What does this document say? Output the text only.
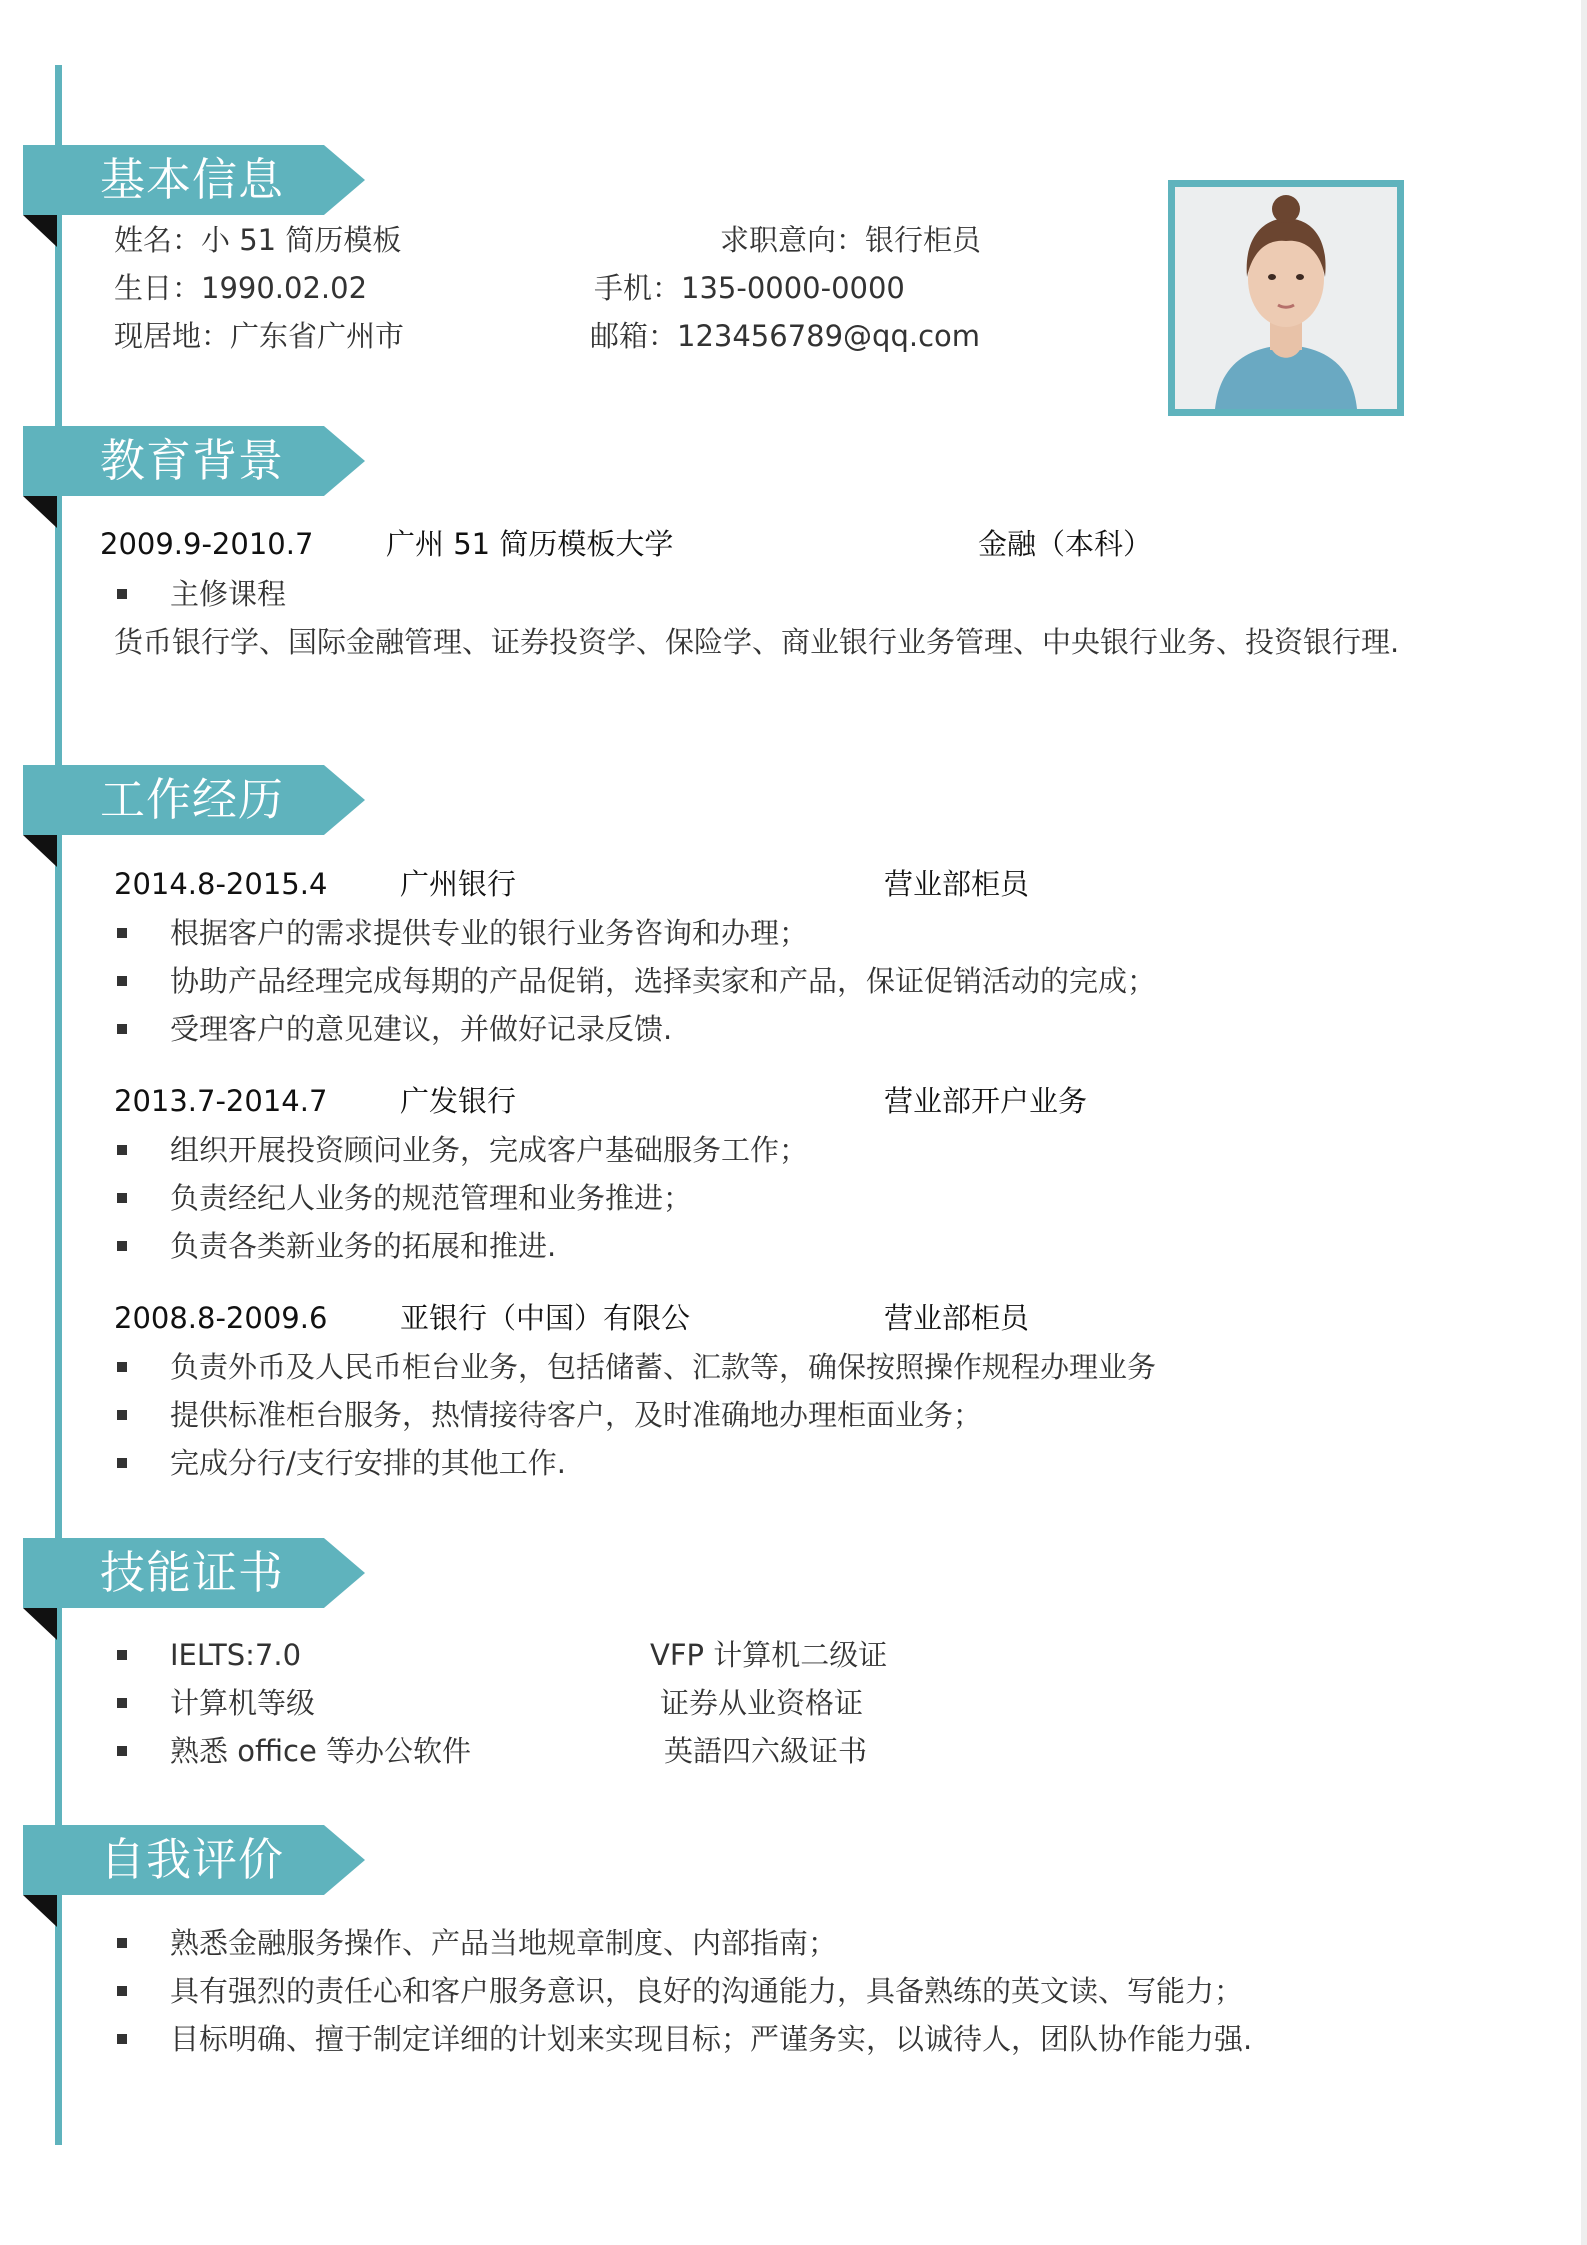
基本信息
姓名：小 51 简历模板	求职意向：银行柜员
生日：1990.02.02	手机：135-0000-0000
现居地：广东省广州市	邮箱：123456789@qq.com
教育背景
2009.9-2010.7	广州 51 简历模板大学	金融（本科）
主修课程
货币银行学、国际金融管理、证券投资学、保险学、商业银行业务管理、中央银行业务、投资银行理.
工作经历
2014.8-2015.4	广州银行	营业部柜员
根据客户的需求提供专业的银行业务咨询和办理；
协助产品经理完成每期的产品促销，选择卖家和产品，保证促销活动的完成；
受理客户的意见建议，并做好记录反馈.
2013.7-2014.7	广发银行	营业部开户业务
组织开展投资顾问业务，完成客户基础服务工作；
负责经纪人业务的规范管理和业务推进；
负责各类新业务的拓展和推进.
2008.8-2009.6	亚银行（中国）有限公	营业部柜员
负责外币及人民币柜台业务，包括储蓄、汇款等，确保按照操作规程办理业务
提供标准柜台服务，热情接待客户，及时准确地办理柜面业务；
完成分行/支行安排的其他工作.
技能证书
IELTS:7.0	VFP 计算机二级证
计算机等级	证券从业资格证
熟悉 office 等办公软件	英語四六級证书
自我评价
熟悉金融服务操作、产品当地规章制度、内部指南；
具有强烈的责任心和客户服务意识，良好的沟通能力，具备熟练的英文读、写能力；
目标明确、擅于制定详细的计划来实现目标；严谨务实，以诚待人，团队协作能力强.
